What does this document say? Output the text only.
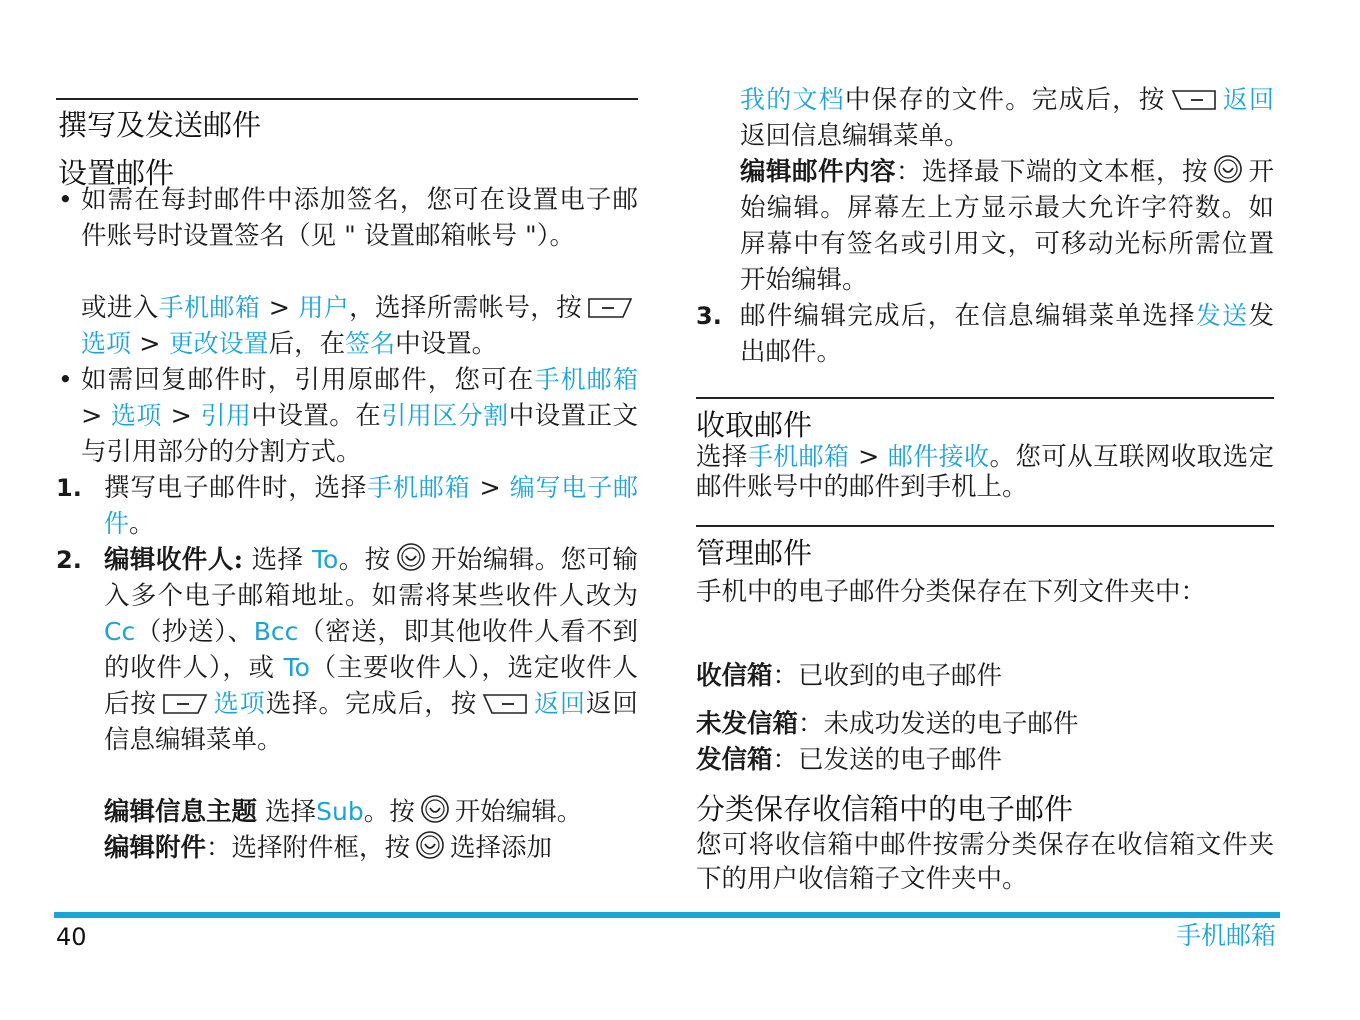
撰写及发送邮件
设置邮件
• 如需在每封邮件中添加签名，您可在设置电子邮件账号时设置签名（见 " 设置邮箱帐号 "）。

或进入手机邮箱 > 用户，选择所需帐号，按
选项 > 更改设置后，在签名中设置。

• 如需回复邮件时，引用原邮件，您可在手机邮箱 > 选项 > 引用中设置。在引用区分割中设置正文与引用部分的分割方式。

1. 撰写电子邮件时，选择手机邮箱 > 编写电子邮件。

2. 编辑收件人: 选择 To。按 开始编辑。您可输入多个电子邮箱地址。如需将某些收件人改为 Cc（抄送）、Bcc（密送，即其他收件人看不到的收件人），或 To（主要收件人），选定收件人后按 选项选择。完成后，按 返回返回信息编辑菜单。

编辑信息主题 选择Sub。按 开始编辑。

编辑附件：选择附件框，按 选择添加

我的文档中保存的文件。完成后，按 返回返回信息编辑菜单。

编辑邮件内容：选择最下端的文本框，按 开始编辑。屏幕左上方显示最大允许字符数。如屏幕中有签名或引用文，可移动光标所需位置开始编辑。

3. 邮件编辑完成后，在信息编辑菜单选择发送发出邮件。

收取邮件

选择手机邮箱 > 邮件接收。您可从互联网收取选定邮件账号中的邮件到手机上。

管理邮件

手机中的电子邮件分类保存在下列文件夹中：

收信箱：已收到的电子邮件

未发信箱：未成功发送的电子邮件

发信箱：已发送的电子邮件

分类保存收信箱中的电子邮件

您可将收信箱中邮件按需分类保存在收信箱文件夹下的用户收信箱子文件夹中。

40	手机邮箱
